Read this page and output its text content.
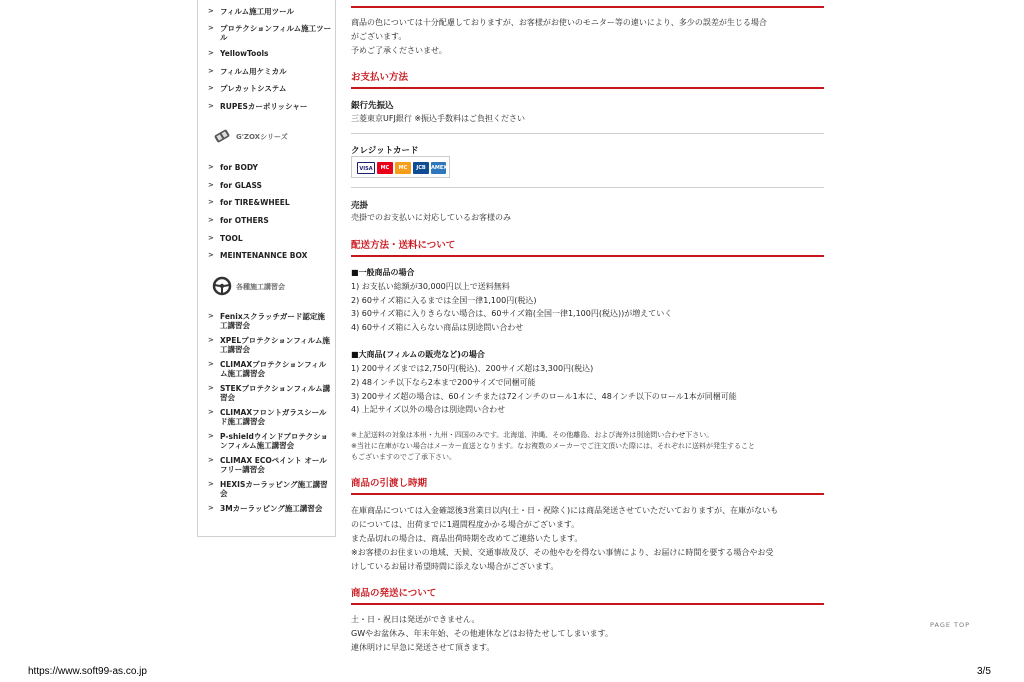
> フィルム施工用ツール
> プロテクションフィルム施工ツール
> YellowTools
> フィルム用ケミカル
> プレカットシステム
> RUPESカーポリッシャー
G'ZOXシリーズ
> for BODY
> for GLASS
> for TIRE&WHEEL
> for OTHERS
> TOOL
> MEINTENANNCE BOX
各種施工講習会
> Fenixスクラッチガード認定施工講習会
> XPELプロテクションフィルム施工講習会
> CLIMAXプロテクションフィルム施工講習会
> STEKプロテクションフィルム講習会
> CLIMAXフロントガラスシールド施工講習会
> P-shieldウインドプロテクションフィルム施工講習会
> CLIMAX ECOペイント オールフリー講習会
> HEXISカーラッピング施工講習会
> 3Mカーラッピング施工講習会
商品の色については十分配慮しておりますが、お客様がお使いのモニター等の違いにより、多少の誤差が生じる場合
がございます。
予めご了承くださいませ。
お支払い方法
銀行先振込
三菱東京UFJ銀行 ※振込手数料はご負担ください
クレジットカード
VISA	MC	MC	JCB	AMEX
売掛
売掛でのお支払いに対応しているお客様のみ
配送方法・送料について
■一般商品の場合
1) お支払い総額が30,000円以上で送料無料
2) 60サイズ箱に入るまでは全国一律1,100円(税込)
3) 60サイズ箱に入りきらない場合は、60サイズ箱(全国一律1,100円(税込))が増えていく
4) 60サイズ箱に入らない商品は別途問い合わせ
■大商品(フィルムの販売など)の場合
1) 200サイズまでは2,750円(税込)、200サイズ超は3,300円(税込)
2) 48インチ以下なら2本まで200サイズで同梱可能
3) 200サイズ超の場合は、60インチまたは72インチのロール1本に、48インチ以下のロール1本が同梱可能
4) 上記サイズ以外の場合は別途問い合わせ
※上記送料の対象は本州・九州・四国のみです。北海道、沖縄、その他離島、および海外は別途問い合わせ下さい。
※当社に在庫がない場合はメーカー直送となります。なお複数のメーカーでご注文頂いた際には、それぞれに送料が発生すること
もございますのでご了承下さい。
商品の引渡し時期
在庫商品については入金確認後3営業日以内(土・日・祝除く)には商品発送させていただいておりますが、在庫がないも
のについては、出荷までに1週間程度かかる場合がございます。
また品切れの場合は、商品出荷時期を改めてご連絡いたします。
※お客様のお住まいの地域、天候、交通事故及び、その他やむを得ない事情により、お届けに時間を要する場合やお受
けしているお届け希望時間に添えない場合がございます。
商品の発送について
土・日・祝日は発送ができません。
GWやお盆休み、年末年始、その他連休などはお待たせしてしまいます。
連休明けに早急に発送させて頂きます。
PAGE TOP
https://www.soft99-as.co.jp	3/5
